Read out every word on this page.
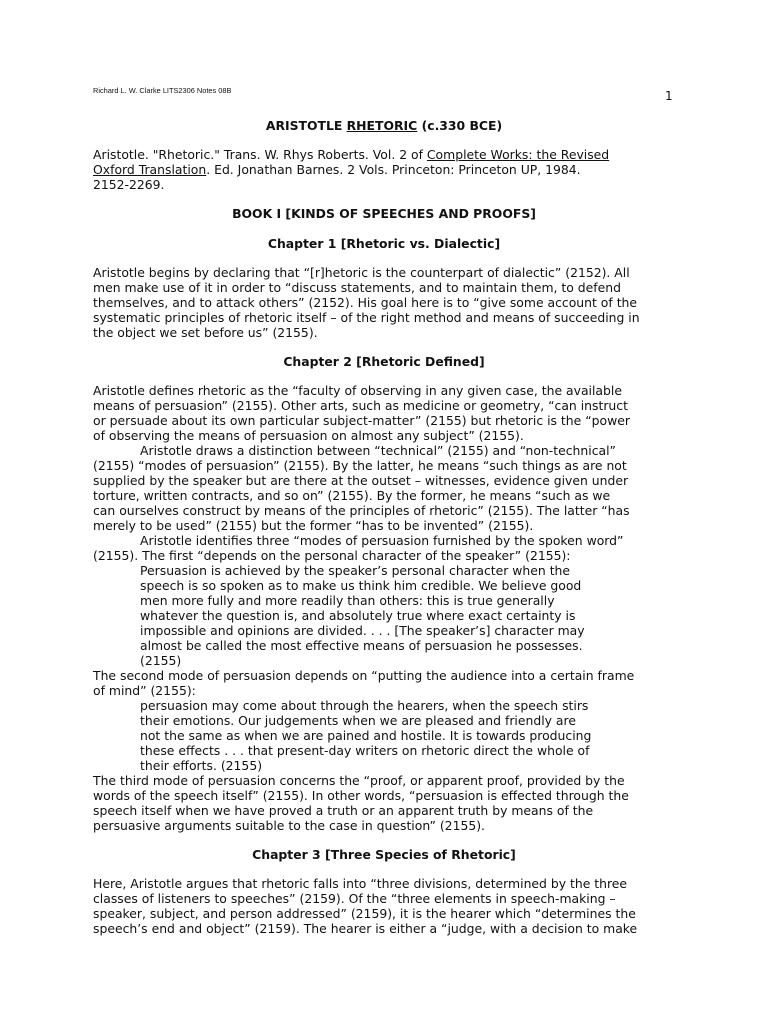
Richard L. W. Clarke LITS2306 Notes 08B	1
ARISTOTLE RHETORIC (c.330 BCE)
Aristotle. "Rhetoric." Trans. W. Rhys Roberts. Vol. 2 of Complete Works: the Revised
Oxford Translation. Ed. Jonathan Barnes. 2 Vols. Princeton: Princeton UP, 1984.
2152-2269.
BOOK I [KINDS OF SPEECHES AND PROOFS]
Chapter 1 [Rhetoric vs. Dialectic]
Aristotle begins by declaring that “[r]hetoric is the counterpart of dialectic” (2152). All
men make use of it in order to “discuss statements, and to maintain them, to defend
themselves, and to attack others” (2152). His goal here is to “give some account of the
systematic principles of rhetoric itself – of the right method and means of succeeding in
the object we set before us” (2155).
Chapter 2 [Rhetoric Defined]
Aristotle defines rhetoric as the “faculty of observing in any given case, the available
means of persuasion” (2155). Other arts, such as medicine or geometry, “can instruct
or persuade about its own particular subject-matter” (2155) but rhetoric is the “power
of observing the means of persuasion on almost any subject” (2155).
Aristotle draws a distinction between “technical” (2155) and “non-technical”
(2155) “modes of persuasion” (2155). By the latter, he means “such things as are not
supplied by the speaker but are there at the outset – witnesses, evidence given under
torture, written contracts, and so on” (2155). By the former, he means “such as we
can ourselves construct by means of the principles of rhetoric” (2155). The latter “has
merely to be used” (2155) but the former “has to be invented” (2155).
Aristotle identifies three “modes of persuasion furnished by the spoken word”
(2155). The first “depends on the personal character of the speaker” (2155):
Persuasion is achieved by the speaker’s personal character when the
speech is so spoken as to make us think him credible. We believe good
men more fully and more readily than others: this is true generally
whatever the question is, and absolutely true where exact certainty is
impossible and opinions are divided. . . . [The speaker’s] character may
almost be called the most effective means of persuasion he possesses.
(2155)
The second mode of persuasion depends on “putting the audience into a certain frame
of mind” (2155):
persuasion may come about through the hearers, when the speech stirs
their emotions. Our judgements when we are pleased and friendly are
not the same as when we are pained and hostile. It is towards producing
these effects . . . that present-day writers on rhetoric direct the whole of
their efforts. (2155)
The third mode of persuasion concerns the “proof, or apparent proof, provided by the
words of the speech itself” (2155). In other words, “persuasion is effected through the
speech itself when we have proved a truth or an apparent truth by means of the
persuasive arguments suitable to the case in question” (2155).
Chapter 3 [Three Species of Rhetoric]
Here, Aristotle argues that rhetoric falls into “three divisions, determined by the three
classes of listeners to speeches” (2159). Of the “three elements in speech-making –
speaker, subject, and person addressed” (2159), it is the hearer which “determines the
speech’s end and object” (2159). The hearer is either a “judge, with a decision to make
